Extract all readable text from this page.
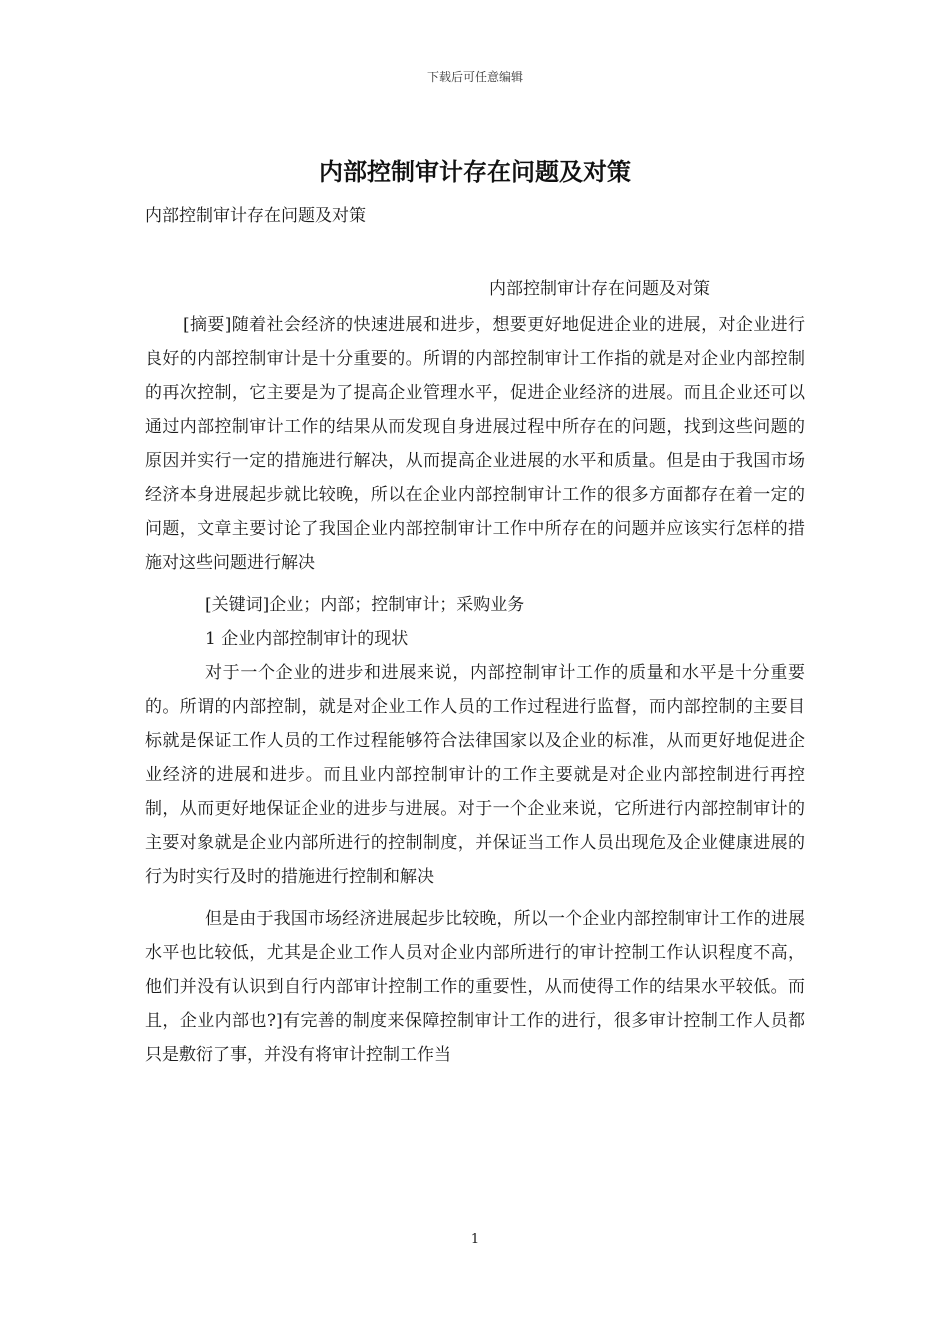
下载后可任意编辑
内部控制审计存在问题及对策
内部控制审计存在问题及对策
内部控制审计存在问题及对策

[摘要]随着社会经济的快速进展和进步，想要更好地促进企业的进展，对企业进行良好的内部控制审计是十分重要的。所谓的内部控制审计工作指的就是对企业内部控制的再次控制，它主要是为了提高企业管理水平，促进企业经济的进展。而且企业还可以通过内部控制审计工作的结果从而发现自身进展过程中所存在的问题，找到这些问题的原因并实行一定的措施进行解决，从而提高企业进展的水平和质量。但是由于我国市场经济本身进展起步就比较晚，所以在企业内部控制审计工作的很多方面都存在着一定的问题，文章主要讨论了我国企业内部控制审计工作中所存在的问题并应该实行怎样的措施对这些问题进行解决

[关键词]企业；内部；控制审计；采购业务

1 企业内部控制审计的现状

对于一个企业的进步和进展来说，内部控制审计工作的质量和水平是十分重要的。所谓的内部控制，就是对企业工作人员的工作过程进行监督，而内部控制的主要目标就是保证工作人员的工作过程能够符合法律国家以及企业的标准，从而更好地促进企业经济的进展和进步。而且业内部控制审计的工作主要就是对企业内部控制进行再控制，从而更好地保证企业的进步与进展。对于一个企业来说，它所进行内部控制审计的主要对象就是企业内部所进行的控制制度，并保证当工作人员出现危及企业健康进展的行为时实行及时的措施进行控制和解决

但是由于我国市场经济进展起步比较晚，所以一个企业内部控制审计工作的进展水平也比较低，尤其是企业工作人员对企业内部所进行的审计控制工作认识程度不高，他们并没有认识到自行内部审计控制工作的重要性，从而使得工作的结果水平较低。而且，企业内部也?]有完善的制度来保障控制审计工作的进行，很多审计控制工作人员都只是敷衍了事，并没有将审计控制工作当

1
